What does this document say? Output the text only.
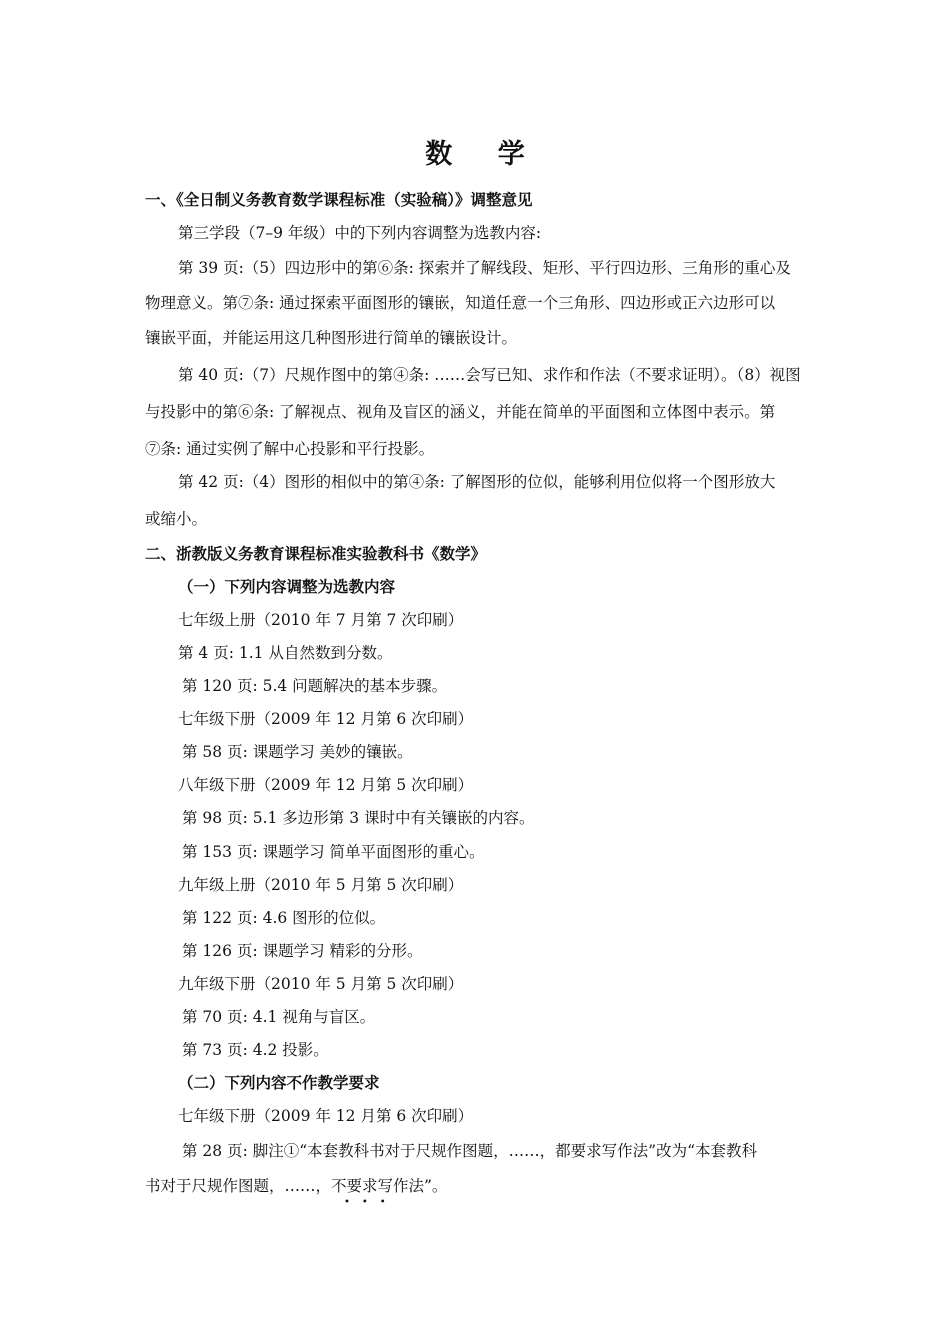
数 学
一、《全日制义务教育数学课程标准（实验稿）》调整意见
第三学段（7–9 年级）中的下列内容调整为选教内容:
第 39 页:（5）四边形中的第⑥条: 探索并了解线段、矩形、平行四边形、三角形的重心及
物理意义。第⑦条: 通过探索平面图形的镶嵌，知道任意一个三角形、四边形或正六边形可以
镶嵌平面，并能运用这几种图形进行简单的镶嵌设计。
第 40 页:（7）尺规作图中的第④条: ……会写已知、求作和作法（不要求证明）。（8）视图
与投影中的第⑥条: 了解视点、视角及盲区的涵义，并能在简单的平面图和立体图中表示。第
⑦条: 通过实例了解中心投影和平行投影。
第 42 页:（4）图形的相似中的第④条: 了解图形的位似，能够利用位似将一个图形放大
或缩小。
二、浙教版义务教育课程标准实验教科书《数学》
（一）下列内容调整为选教内容
七年级上册（2010 年 7 月第 7 次印刷）
第 4 页: 1.1 从自然数到分数。
第 120 页: 5.4 问题解决的基本步骤。
七年级下册（2009 年 12 月第 6 次印刷）
第 58 页: 课题学习 美妙的镶嵌。
八年级下册（2009 年 12 月第 5 次印刷）
第 98 页: 5.1 多边形第 3 课时中有关镶嵌的内容。
第 153 页: 课题学习 简单平面图形的重心。
九年级上册（2010 年 5 月第 5 次印刷）
第 122 页: 4.6 图形的位似。
第 126 页: 课题学习 精彩的分形。
九年级下册（2010 年 5 月第 5 次印刷）
第 70 页: 4.1 视角与盲区。
第 73 页: 4.2 投影。
（二）下列内容不作教学要求
七年级下册（2009 年 12 月第 6 次印刷）
第 28 页: 脚注①“本套教科书对于尺规作图题，……，都要求写作法”改为“本套教科
书对于尺规作图题，……，不要求写作法”。
•••
